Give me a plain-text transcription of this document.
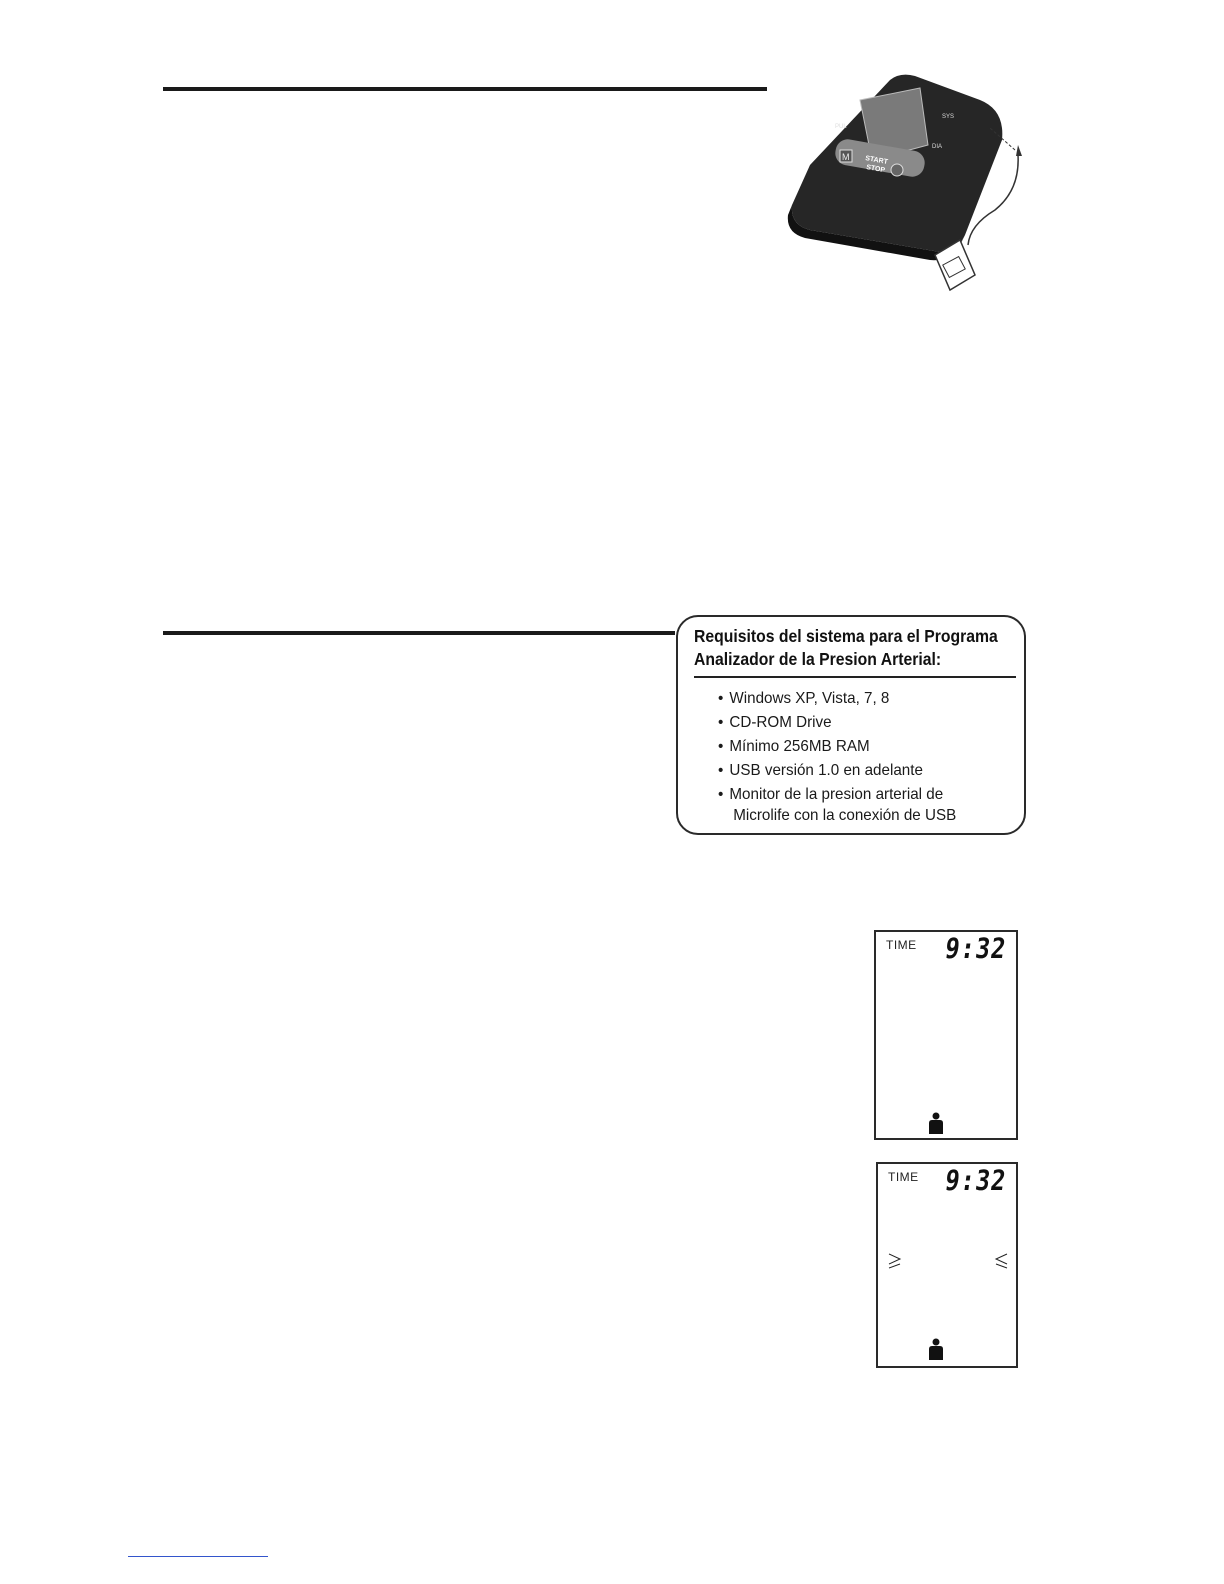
M START
STOP
PUL
SYS
DIA
Requisitos del sistema para el Programa
Analizador de la Presion Arterial:
• Windows XP, Vista, 7, 8
• CD-ROM Drive
• Mínimo 256MB RAM
• USB versión 1.0 en adelante
• Monitor de la presion arterial de
Microlife con la conexión de USB
TIME 9:32
TIME 9:32
